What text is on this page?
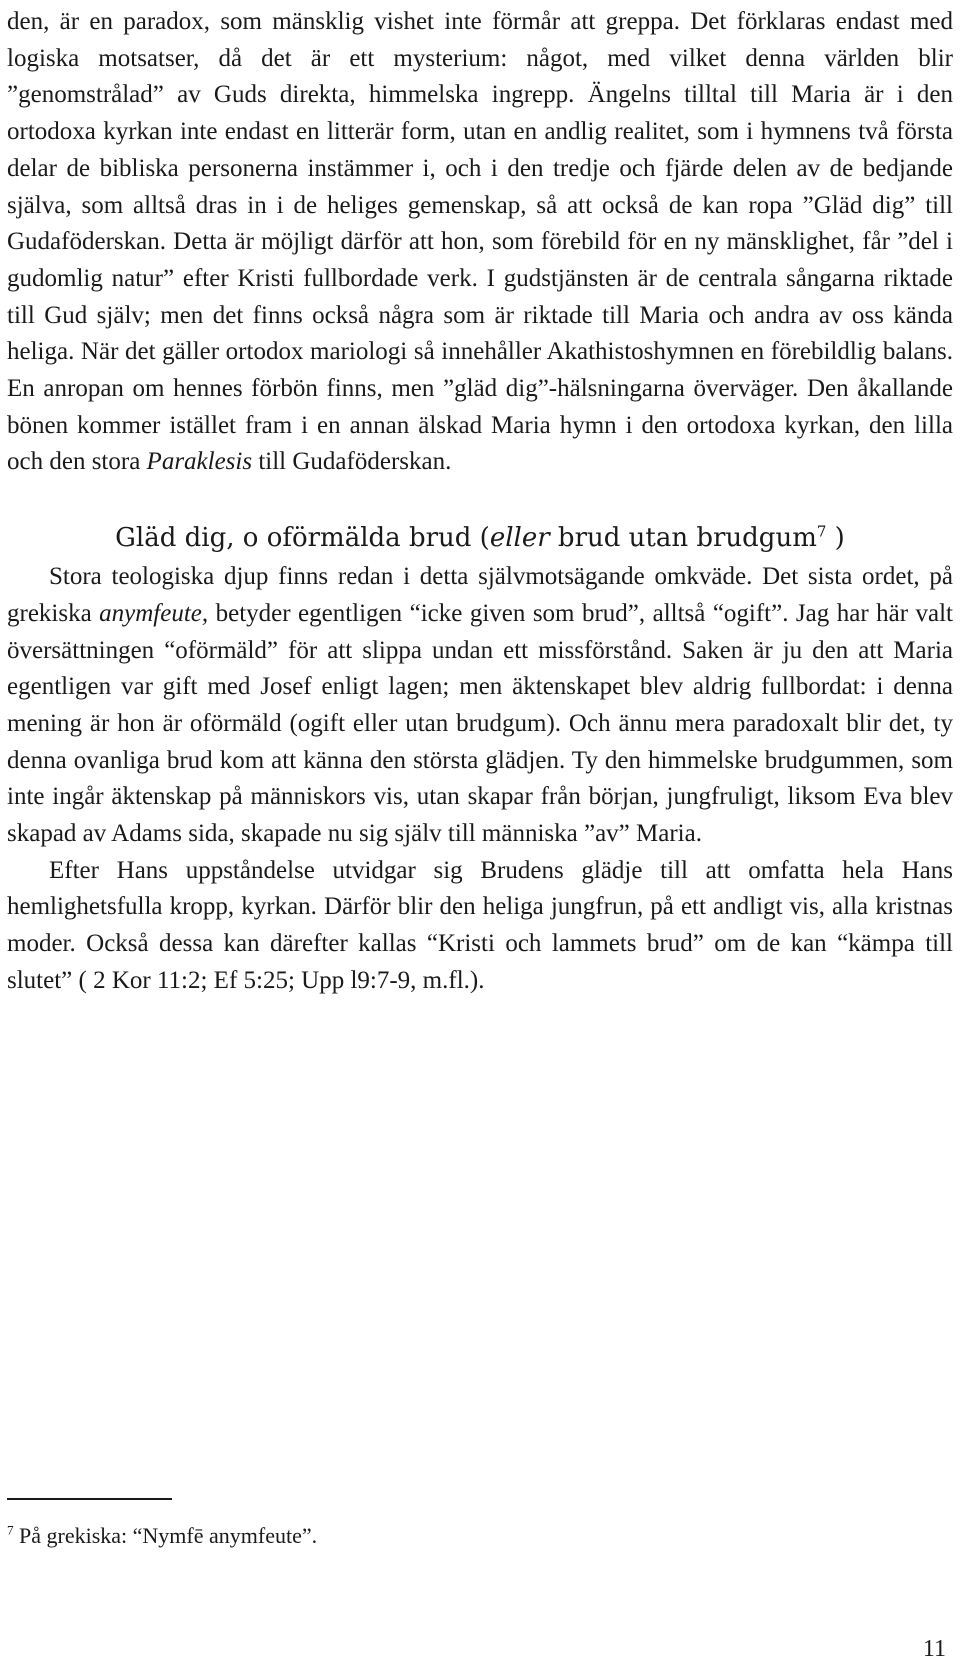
den, är en paradox, som mänsklig vishet inte förmår att greppa. Det förklaras endast med logiska motsatser, då det är ett mysterium: något, med vilket denna världen blir ”genomstrålad” av Guds direkta, himmelska ingrepp. Ängelns tilltal till Maria är i den ortodoxa kyrkan inte endast en litterär form, utan en andlig realitet, som i hymnens två första delar de bibliska personerna instämmer i, och i den tredje och fjärde delen av de bedjande själva, som alltså dras in i de heliges gemenskap, så att också de kan ropa ”Gläd dig” till Gudaföderskan. Detta är möjligt därför att hon, som förebild för en ny mänsklighet, får ”del i gudomlig natur” efter Kristi fullbordade verk. I gudstjänsten är de centrala sångarna riktade till Gud själv; men det finns också några som är riktade till Maria och andra av oss kända heliga. När det gäller ortodox mariologi så innehåller Akathistoshymnen en förebildlig balans. En anropan om hennes förbön finns, men ”gläd dig”-hälsningarna överväger. Den åkallande bönen kommer istället fram i en annan älskad Maria hymn i den ortodoxa kyrkan, den lilla och den stora Paraklesis till Gudaföderskan.

Gläd dig, o oförmälda brud (eller brud utan brudgum$^7$ )

Stora teologiska djup finns redan i detta självmotsägande omkväde. Det sista ordet, på grekiska anymfeute, betyder egentligen “icke given som brud”, alltså “ogift”. Jag har här valt översättningen “oförmäld” för att slippa undan ett missförstånd. Saken är ju den att Maria egentligen var gift med Josef enligt lagen; men äktenskapet blev aldrig fullbordat: i denna mening är hon är oförmäld (ogift eller utan brudgum). Och ännu mera paradoxalt blir det, ty denna ovanliga brud kom att känna den största glädjen. Ty den himmelske brudgummen, som inte ingår äktenskap på människors vis, utan skapar från början, jungfruligt, liksom Eva blev skapad av Adams sida, skapade nu sig själv till människa ”av” Maria.

Efter Hans uppståndelse utvidgar sig Brudens glädje till att omfatta hela Hans hemlighetsfulla kropp, kyrkan. Därför blir den heliga jungfrun, på ett andligt vis, alla kristnas moder. Också dessa kan därefter kallas “Kristi och lammets brud” om de kan “kämpa till slutet” ( 2 Kor 11:2; Ef 5:25; Upp l9:7-9, m.fl.).

$^7$ På grekiska: “Nymfē anymfeute”.

11
